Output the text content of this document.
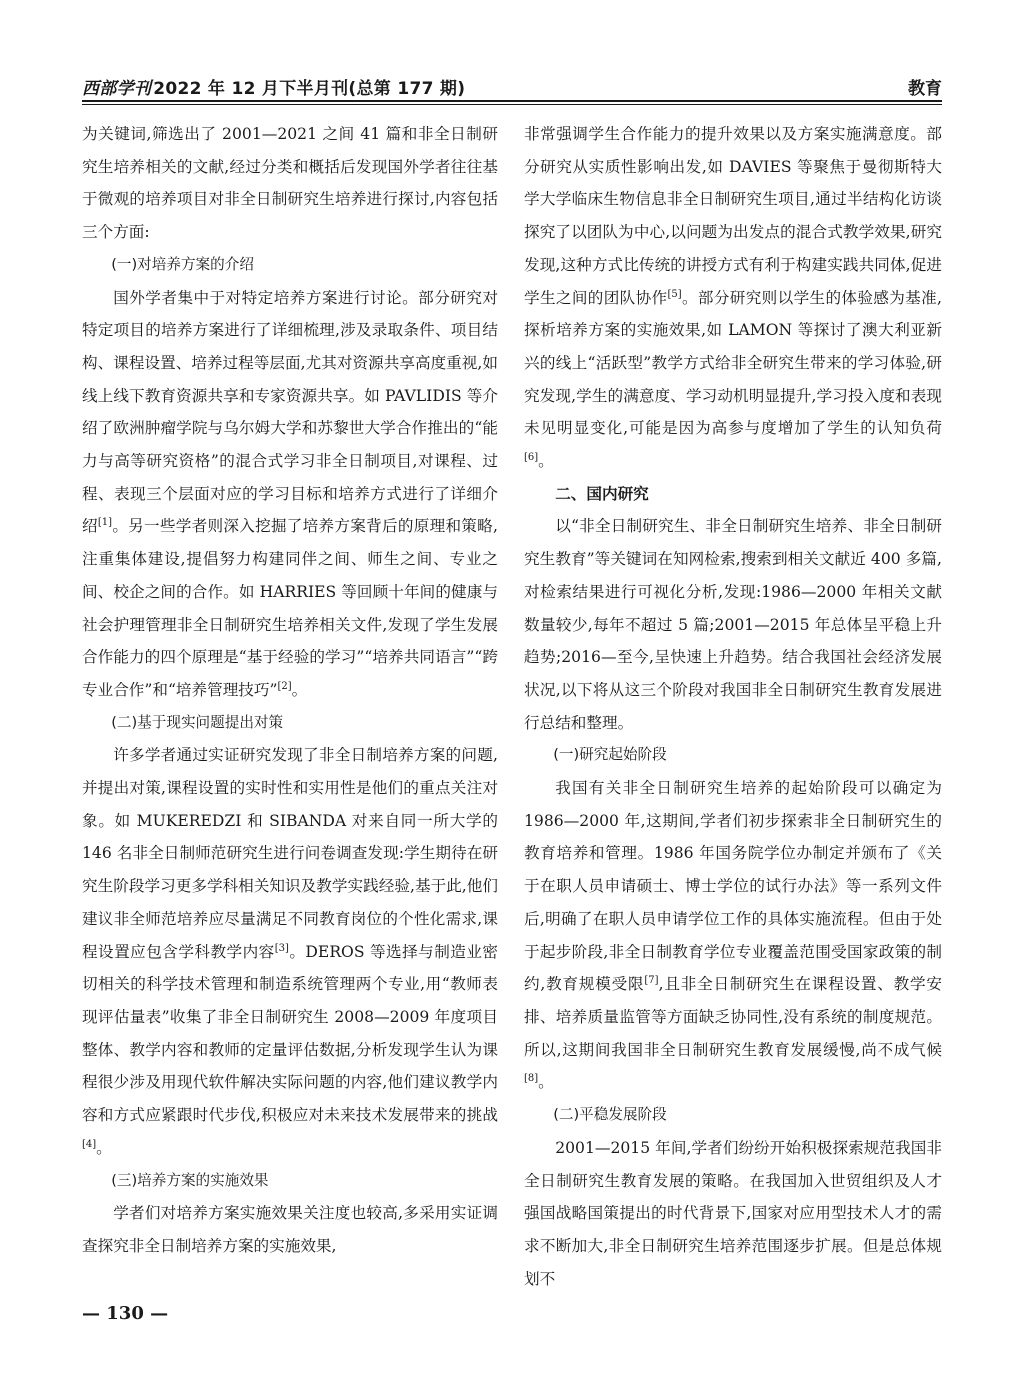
西部学刊 2022 年 12 月下半月刊(总第 177 期)	教育

为关键词,筛选出了 2001—2021 之间 41 篇和非全日制研究生培养相关的文献,经过分类和概括后发现国外学者往往基于微观的培养项目对非全日制研究生培养进行探讨,内容包括三个方面:

(一)对培养方案的介绍

国外学者集中于对特定培养方案进行讨论。部分研究对特定项目的培养方案进行了详细梳理,涉及录取条件、项目结构、课程设置、培养过程等层面,尤其对资源共享高度重视,如线上线下教育资源共享和专家资源共享。如 PAVLIDIS 等介绍了欧洲肿瘤学院与乌尔姆大学和苏黎世大学合作推出的“能力与高等研究资格”的混合式学习非全日制项目,对课程、过程、表现三个层面对应的学习目标和培养方式进行了详细介绍[1]。另一些学者则深入挖掘了培养方案背后的原理和策略,注重集体建设,提倡努力构建同伴之间、师生之间、专业之间、校企之间的合作。如 HARRIES 等回顾十年间的健康与社会护理管理非全日制研究生培养相关文件,发现了学生发展合作能力的四个原理是“基于经验的学习”“培养共同语言”“跨专业合作”和“培养管理技巧”[2]。

(二)基于现实问题提出对策

许多学者通过实证研究发现了非全日制培养方案的问题,并提出对策,课程设置的实时性和实用性是他们的重点关注对象。如 MUKEREDZI 和 SIBANDA 对来自同一所大学的 146 名非全日制师范研究生进行问卷调查发现:学生期待在研究生阶段学习更多学科相关知识及教学实践经验,基于此,他们建议非全师范培养应尽量满足不同教育岗位的个性化需求,课程设置应包含学科教学内容[3]。DEROS 等选择与制造业密切相关的科学技术管理和制造系统管理两个专业,用“教师表现评估量表”收集了非全日制研究生 2008—2009 年度项目整体、教学内容和教师的定量评估数据,分析发现学生认为课程很少涉及用现代软件解决实际问题的内容,他们建议教学内容和方式应紧跟时代步伐,积极应对未来技术发展带来的挑战[4]。

(三)培养方案的实施效果

学者们对培养方案实施效果关注度也较高,多采用实证调查探究非全日制培养方案的实施效果,

非常强调学生合作能力的提升效果以及方案实施满意度。部分研究从实质性影响出发,如 DAVIES 等聚焦于曼彻斯特大学大学临床生物信息非全日制研究生项目,通过半结构化访谈探究了以团队为中心,以问题为出发点的混合式教学效果,研究发现,这种方式比传统的讲授方式有利于构建实践共同体,促进学生之间的团队协作[5]。部分研究则以学生的体验感为基准,探析培养方案的实施效果,如 LAMON 等探讨了澳大利亚新兴的线上“活跃型”教学方式给非全研究生带来的学习体验,研究发现,学生的满意度、学习动机明显提升,学习投入度和表现未见明显变化,可能是因为高参与度增加了学生的认知负荷[6]。

二、国内研究

以“非全日制研究生、非全日制研究生培养、非全日制研究生教育”等关键词在知网检索,搜索到相关文献近 400 多篇,对检索结果进行可视化分析,发现:1986—2000 年相关文献数量较少,每年不超过 5 篇;2001—2015 年总体呈平稳上升趋势;2016—至今,呈快速上升趋势。结合我国社会经济发展状况,以下将从这三个阶段对我国非全日制研究生教育发展进行总结和整理。

(一)研究起始阶段

我国有关非全日制研究生培养的起始阶段可以确定为 1986—2000 年,这期间,学者们初步探索非全日制研究生的教育培养和管理。1986 年国务院学位办制定并颁布了《关于在职人员申请硕士、博士学位的试行办法》等一系列文件后,明确了在职人员申请学位工作的具体实施流程。但由于处于起步阶段,非全日制教育学位专业覆盖范围受国家政策的制约,教育规模受限[7],且非全日制研究生在课程设置、教学安排、培养质量监管等方面缺乏协同性,没有系统的制度规范。所以,这期间我国非全日制研究生教育发展缓慢,尚不成气候[8]。

(二)平稳发展阶段

2001—2015 年间,学者们纷纷开始积极探索规范我国非全日制研究生教育发展的策略。在我国加入世贸组织及人才强国战略国策提出的时代背景下,国家对应用型技术人才的需求不断加大,非全日制研究生培养范围逐步扩展。但是总体规划不

— 130 —
